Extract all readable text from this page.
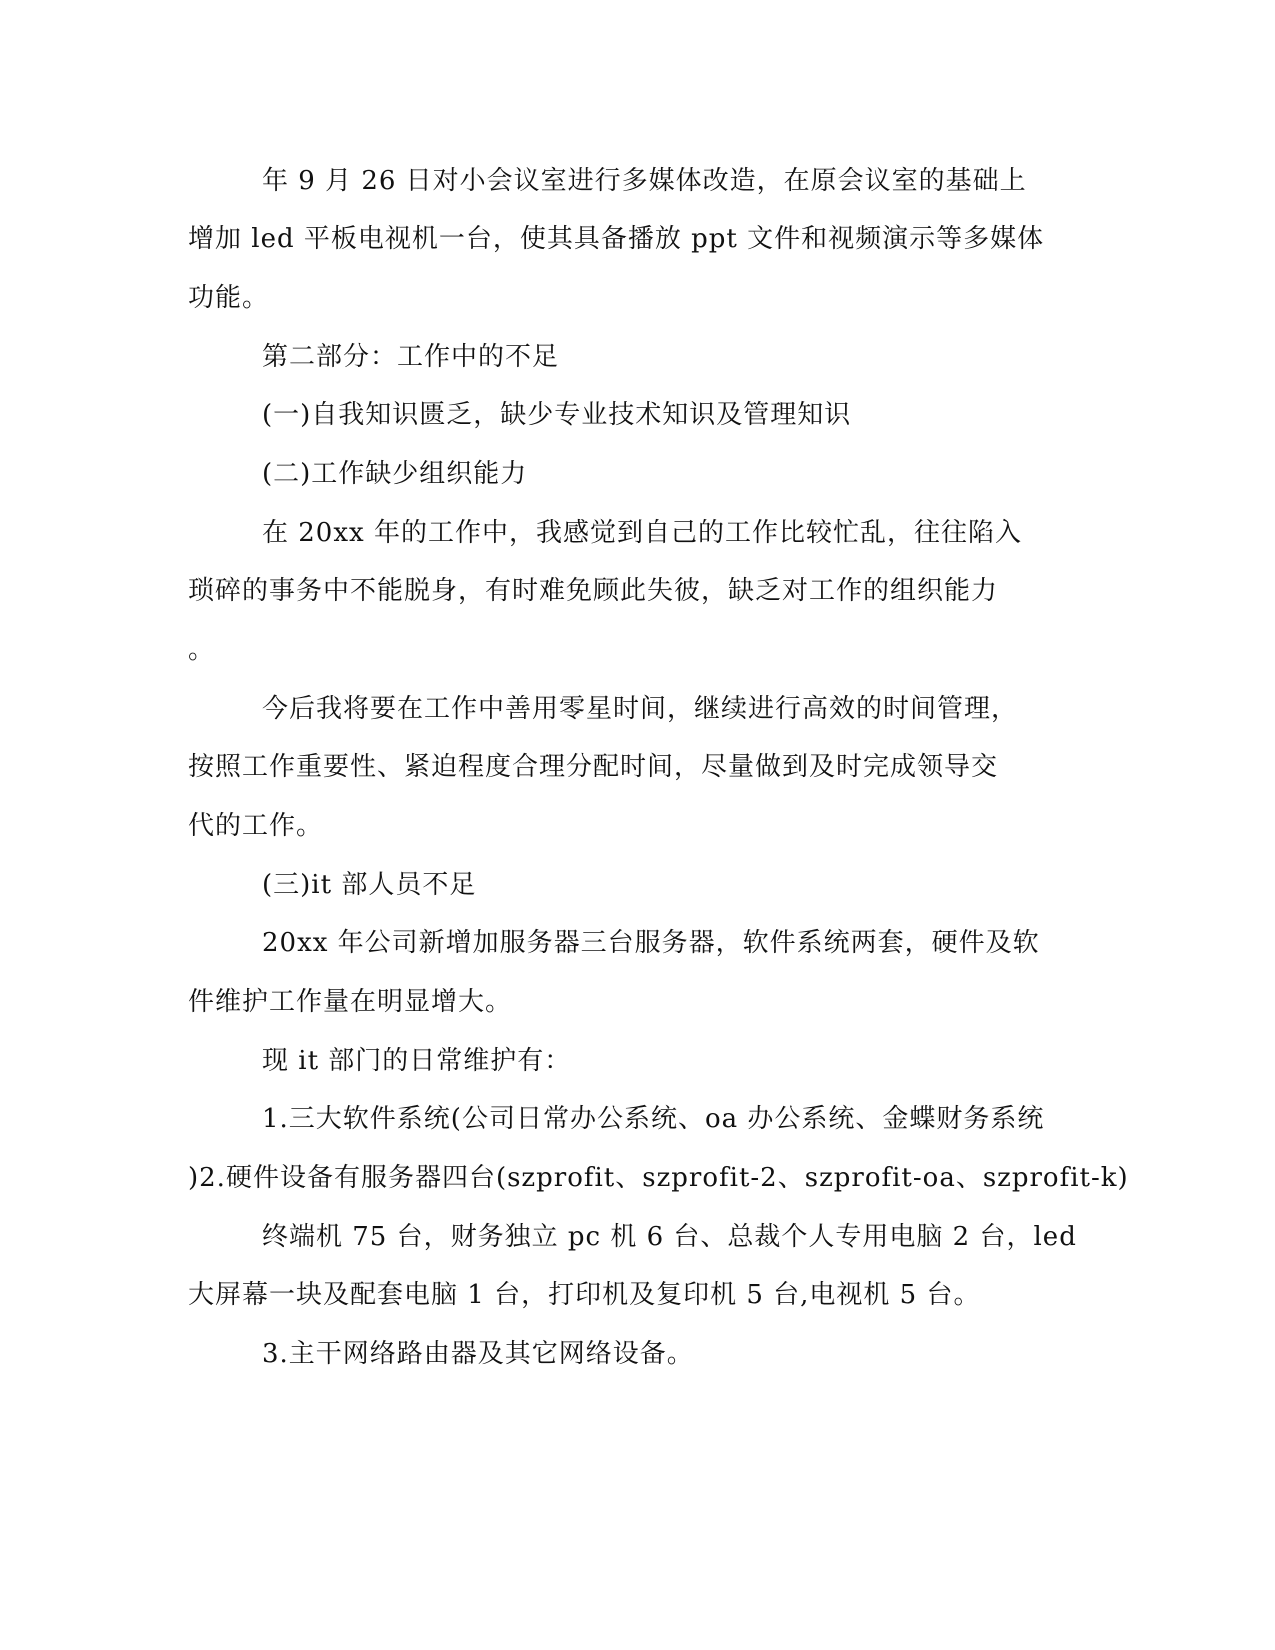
年 9 月 26 日对小会议室进行多媒体改造，在原会议室的基础上
增加 led 平板电视机一台，使其具备播放 ppt 文件和视频演示等多媒体
功能。
第二部分：工作中的不足
(一)自我知识匮乏，缺少专业技术知识及管理知识
(二)工作缺少组织能力
在 20xx 年的工作中，我感觉到自己的工作比较忙乱，往往陷入
琐碎的事务中不能脱身，有时难免顾此失彼，缺乏对工作的组织能力
。
今后我将要在工作中善用零星时间，继续进行高效的时间管理，
按照工作重要性、紧迫程度合理分配时间，尽量做到及时完成领导交
代的工作。
(三)it 部人员不足
20xx 年公司新增加服务器三台服务器，软件系统两套，硬件及软
件维护工作量在明显增大。
现 it 部门的日常维护有：
1.三大软件系统(公司日常办公系统、oa 办公系统、金蝶财务系统
)2.硬件设备有服务器四台(szprofit、szprofit-2、szprofit-oa、szprofit-k)
终端机 75 台，财务独立 pc 机 6 台、总裁个人专用电脑 2 台，led
大屏幕一块及配套电脑 1 台，打印机及复印机 5 台,电视机 5 台。
3.主干网络路由器及其它网络设备。
